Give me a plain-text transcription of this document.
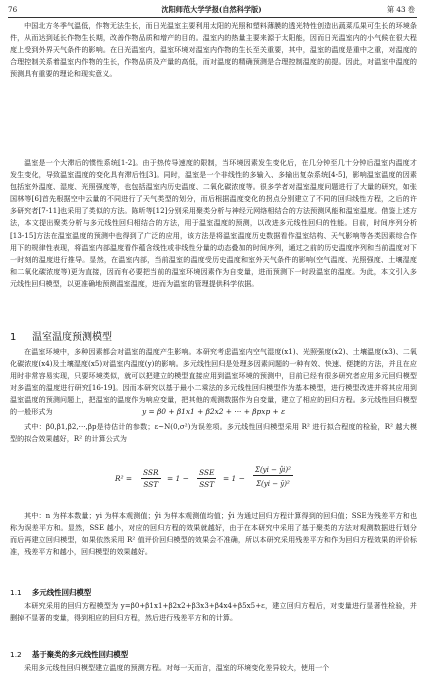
76	沈阳师范大学学报(自然科学版)	第 43 卷

中国北方冬季气温低，作物无法生长，而日光温室主要利用太阳的光照和塑料薄膜的透光特性创造出蔬菜瓜果可生长的环境条件，从而达到延长作物生长期，改善作物品质和增产的目的。温室内的热量主要来源于太阳能，因而日光温室内的小气候在很大程度上受到外界天气条件的影响。在日光温室内，温室环境对温室内作物的生长至关重要，其中，温室的温度是重中之重，对温度的合理控制关系着温室内作物的生长，作物品质及产量的高低，而对温度的精确预测是合理控制温度的前提。因此，对温室中温度的预测具有重要的理论和现实意义。

温室是一个大滞后的惯性系统[1-2]。由于热传导速度的限制，当环境因素发生变化后，在几分钟至几十分钟后温室内温度才发生变化，导致温室温度的变化具有滞后性[3]。同时，温室是一个非线性的多输入、多输出复杂系统[4-5]，影响温室温度的因素包括室外温度、湿度、光照强度等，也包括温室内历史温度、二氧化碳浓度等。很多学者对温室温度问题进行了大量的研究，如张国林等[6]首先根据空中云量的不同进行了天气类型的划分，而后根据温度变化的拐点分别建立了不同的回归线性方程，之后的许多研究者[7-11]也采用了类似的方法。陈昕等[12]分别采用聚类分析与神经元网络相结合的方法预测风能和温室温度。借鉴上述方法，本文提出聚类分析与多元线性回归相结合的方法，用于温室温度的预测，以改进多元线性回归的性能。目前，时间序列分析[13-15]方法在温室温度的预测中也得到了广泛的应用，该方法是将温室温度历史数据看作温室结构、天气影响等各类因素综合作用下的规律性表现，将温室内部温度看作蕴含线性或非线性分量的动态叠加的时间序列，通过之前的历史温度序列和当前温度对下一时刻的温度进行推导。显然，在温室内部，当前温室的温度受历史温度和室外天气条件的影响(空气温度、光照强度、土壤湿度和二氧化碳浓度等)更为直接，因而有必要把当前的温室环境因素作为自变量，进而预测下一时段温室的温度。为此，本文引入多元线性回归模型，以更准确地预测温室温度，进而为温室的管理提供科学依据。

1 温室温度预测模型

在温室环境中，多种因素都会对温室的温度产生影响。本研究考虑温室内空气湿度(x1)、光照强度(x2)、土壤温度(x3)、二氧化碳浓度(x4)及土壤湿度(x5)对温室内温度(y)的影响。多元线性回归是处理多因素问题的一种有效、快速、便捷的方法，并且在应用时非常容易实现，只要环境类似，就可以把建立的模型直接应用到温室环境的预测中，目前已经有很多研究者应用多元回归模型对多温室的温度进行研究[16-19]。因而本研究以基于最小二乘法的多元线性回归模型作为基本模型，进行模型改进并将其应用到温室温度的预测问题上，把温室的温度作为响应变量，把其他的观测数据作为自变量，建立了相应的回归方程。多元线性回归模型的一般形式为	y = β0 + β1x1 + β2x2 + ··· + βpxp + ε

式中：β0,β1,β2,···,βp是待估计的参数；ε~N(0,σ²)为误差项。多元线性回归模型采用 R² 进行拟合程度的检验，R² 越大模型的拟合效果越好，R² 的计算公式为

R² =
SSR
SST
= 1 −
SSE
SST
= $1 - \frac{\text{Σ(yi − ŷi)²}}{\text{Σ(yi − ȳ)²}}$

其中：n 为样本数量；yi 为样本观测值；ŷi 为样本观测值均值；ŷi 为通过回归方程计算得到的回归值；SSE为残差平方和也称为误差平方和。显然，SSE 越小，对应的回归方程的效果就越好，由于在本研究中采用了基于聚类的方法对观测数据进行划分而后再建立回归模型，如果依然采用 R² 值评价回归模型的效果会不准确，所以本研究采用残差平方和作为回归方程效果的评价标准，残差平方和越小，回归模型的效果越好。

1.1 多元线性回归模型

本研究采用的回归方程模型为 y=β0+β1x1+β2x2+β3x3+β4x4+β5x5+ε，建立回归方程后，对变量进行显著性检验，并删掉不显著的变量，得到相应的回归方程，然后进行残差平方和的计算。

1.2 基于聚类的多元线性回归模型

采用多元线性回归模型建立温度的预测方程。对每一天而言，温室的环境变化差异较大，使用一个
